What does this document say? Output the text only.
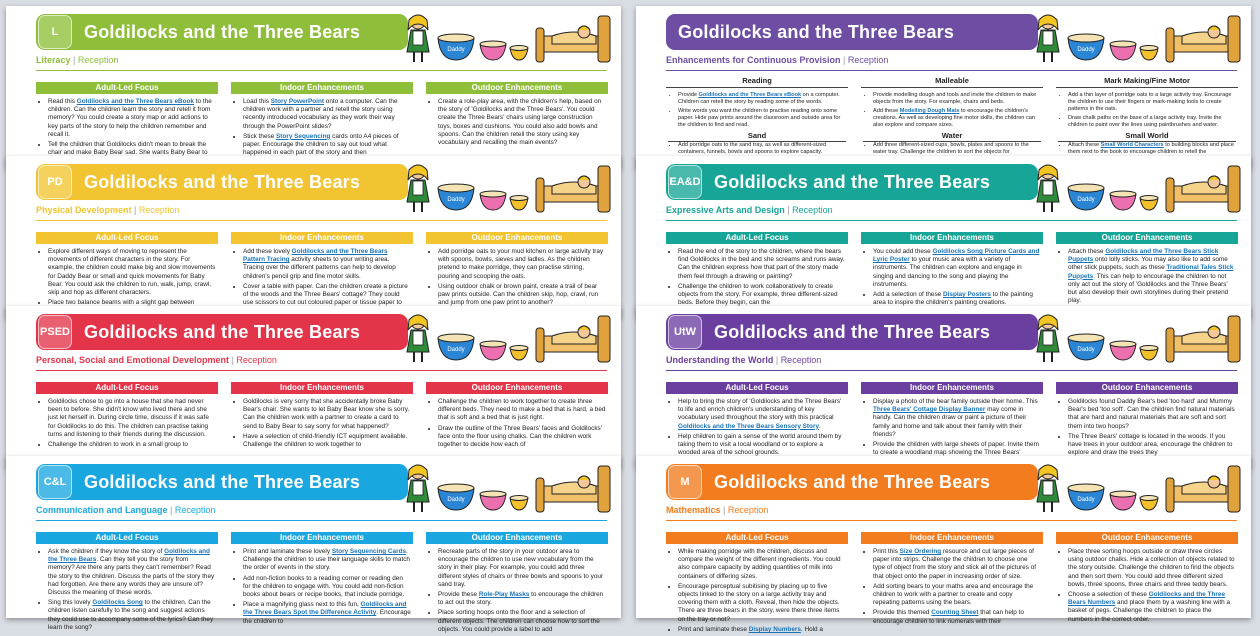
L	Goldilocks and the Three Bears
Literacy | Reception
Daddy
Adult-Led Focus
• Read this Goldilocks and the Three Bears eBook to the children. Can the children learn the story and retell it from memory? You could create a story map or add actions to key parts of the story to help the children remember and recall it.
• Tell the children that Goldilocks didn't mean to break the chair and make Baby Bear sad. She wants Baby Bear to
Indoor Enhancements
• Load this Story PowerPoint onto a computer. Can the children work with a partner and retell the story using recently introduced vocabulary as they work their way through the PowerPoint slides?
• Stick these Story Sequencing cards onto A4 pieces of paper. Encourage the children to say out loud what happened in each part of the story and then
Outdoor Enhancements
• Create a role-play area, with the children's help, based on the story of 'Goldilocks and the Three Bears'. You could create the Three Bears' chairs using large construction toys, boxes and cushions. You could also add bowls and spoons. Can the children retell the story using key vocabulary and recalling the main events?
PD	Goldilocks and the Three Bears
Physical Development | Reception
Daddy
Adult-Led Focus
• Explore different ways of moving to represent the movements of different characters in the story. For example, the children could make big and slow movements for Daddy Bear or small and quick movements for Baby Bear. You could ask the children to run, walk, jump, crawl, skip and hop as different characters.
• Place two balance beams with a slight gap between
Indoor Enhancements
• Add these lovely Goldilocks and the Three Bears Pattern Tracing activity sheets to your writing area. Tracing over the different patterns can help to develop children's pencil grip and fine motor skills.
• Cover a table with paper. Can the children create a picture of the woods and the Three Bears' cottage? They could use scissors to cut out coloured paper or tissue paper to
Outdoor Enhancements
• Add porridge oats to your mud kitchen or large activity tray with spoons, bowls, sieves and ladles. As the children pretend to make porridge, they can practise stirring, pouring and scooping the oats.
• Using outdoor chalk or brown paint, create a trail of bear paw prints outside. Can the children skip, hop, crawl, run and jump from one paw print to another?
•
PSED Goldilocks and the Three Bears
Personal, Social and Emotional Development | Reception
Daddy
Adult-Led Focus
• Goldilocks chose to go into a house that she had never been to before. She didn't know who lived there and she just let herself in. During circle time, discuss if it was safe for Goldilocks to do this. The children can practise taking turns and listening to their friends during the discussion.
• Challenge the children to work in a small group to
Indoor Enhancements
• Goldilocks is very sorry that she accidentally broke Baby Bear's chair. She wants to let Baby Bear know she is sorry. Can the children work with a partner to create a card to send to Baby Bear to say sorry for what happened?
• Have a selection of child-friendly ICT equipment available. Challenge the children to work together to
Outdoor Enhancements
• Challenge the children to work together to create three different beds. They need to make a bed that is hard, a bed that is soft and a bed that is just right.
• Draw the outline of the Three Bears' faces and Goldilocks' face onto the floor using chalks. Can the children work together to decide how each of
C&L Goldilocks and the Three Bears
Communication and Language | Reception
Daddy
Adult-Led Focus
• Ask the children if they know the story of Goldilocks and the Three Bears. Can they tell you the story from memory? Are there any parts they can't remember? Read the story to the children. Discuss the parts of the story they had forgotten. Are there any words they are unsure of? Discuss the meaning of these words.
• Sing this lovely Goldilocks Song to the children. Can the children listen carefully to the song and suggest actions they could use to accompany some of the lyrics? Can they learn the song?
Indoor Enhancements
• Print and laminate these lovely Story Sequencing Cards. Challenge the children to use their language skills to match the order of events in the story.
• Add non-fiction books to a reading corner or reading den for the children to engage with. You could add non-fiction books about bears or recipe books, that include porridge.
• Place a magnifying glass next to this fun, Goldilocks and the Three Bears Spot the Difference Activity. Encourage the children to
Outdoor Enhancements
• Recreate parts of the story in your outdoor area to encourage the children to use new vocabulary from the story in their play. For example, you could add three different styles of chairs or three bowls and spoons to your sand tray.
• Provide these Role-Play Masks to encourage the children to act out the story.
• Place sorting hoops onto the floor and a selection of different objects. The children can choose how to sort the objects. You could provide a label to add
Goldilocks and the Three Bears
Enhancements for Continuous Provision | Reception
Daddy
Reading
• Provide Goldilocks and the Three Bears eBook on a computer. Children can retell the story by reading some of the words.
• Write words you want the children to practise reading onto some paper. Hide paw prints around the classroom and outside area for the children to find and read.
Sand
• Add porridge oats to the sand tray, as well as different-sized containers, funnels, bowls and spoons to explore capacity.
Malleable
• Provide modelling dough and tools and invite the children to make objects from the story. For example, chairs and beds.
• Add these Modelling Dough Mats to encourage the children's creations. As well as developing fine motor skills, the children can also explore and compare sizes.
Water
• Add three different-sized cups, bowls, plates and spoons to the water tray. Challenge the children to sort the objects for
Mark Making/Fine Motor
• Add a thin layer of porridge oats to a large activity tray. Encourage the children to use their fingers or mark-making tools to create patterns in the oats.
• Draw chalk paths on the base of a large activity tray. Invite the children to paint over the lines using paintbrushes and water.
Small World
• Attach these Small World Characters to building blocks and place them next to the book to encourage children to retell the
EA&D Goldilocks and the Three Bears
Expressive Arts and Design | Reception
Daddy
Adult-Led Focus
• Read the end of the story to the children, where the bears find Goldilocks in the bed and she screams and runs away. Can the children express how that part of the story made them feel through a drawing or painting?
• Challenge the children to work collaboratively to create objects from the story. For example, three different-sized beds. Before they begin, can the
Indoor Enhancements
• You could add these Goldilocks Song Picture Cards and Lyric Poster to your music area with a variety of instruments. The children can explore and engage in singing and dancing to the song and playing the instruments.
• Add a selection of these Display Posters to the painting area to inspire the children's painting creations.
Outdoor Enhancements
• Attach these Goldilocks and the Three Bears Stick Puppets onto lolly sticks. You may also like to add some other stick puppets, such as these Traditional Tales Stick Puppets. This can help to encourage the children to not only act out the story of 'Goldilocks and the Three Bears' but also develop their own storylines during their pretend play.
UtW	Goldilocks and the Three Bears
Understanding the World | Reception
Daddy
Adult-Led Focus
• Help to bring the story of 'Goldilocks and the Three Bears' to life and enrich children's understanding of key vocabulary used throughout the story with this practical Goldilocks and the Three Bears Sensory Story.
• Help children to gain a sense of the world around them by taking them to visit a local woodland or to explore a wooded area of the school grounds.
Indoor Enhancements
• Display a photo of the bear family outside their home. This Three Bears' Cottage Display Banner may come in handy. Can the children draw or paint a picture of their family and home and talk about their family with their friends?
• Provide the children with large sheets of paper. Invite them to create a woodland map showing the Three Bears'
Outdoor Enhancements
• Goldilocks found Daddy Bear's bed 'too hard' and Mummy Bear's bed 'too soft'. Can the children find natural materials that are hard and natural materials that are soft and sort them into two hoops?
• The Three Bears' cottage is located in the woods. If you have trees in your outdoor area, encourage the children to explore and draw the trees they
M	Goldilocks and the Three Bears
Mathematics | Reception
Daddy
Adult-Led Focus
• While making porridge with the children, discuss and compare the weight of the different ingredients. You could also compare capacity by adding quantities of milk into containers of differing sizes.
• Encourage perceptual subitising by placing up to five objects linked to the story on a large activity tray and covering them with a cloth. Reveal, then hide the objects. There are three bears in the story, were there three items on the tray or not?
• Print and laminate these Display Numbers. Hold a
Indoor Enhancements
• Print this Size Ordering resource and cut large pieces of paper into strips. Challenge the children to choose one type of object from the story and stick all of the pictures of that object onto the paper in increasing order of size.
• Add sorting bears to your maths area and encourage the children to work with a partner to create and copy repeating patterns using the bears.
• Provide this themed Counting Sheet that can help to encourage children to link numerals with their
Outdoor Enhancements
• Place three sorting hoops outside or draw three circles using outdoor chalks. Hide a collection of objects related to the story outside. Challenge the children to find the objects and then sort them. You could add three different sized bowls, three spoons, three chairs and three teddy bears.
• Choose a selection of these Goldilocks and the Three Bears Numbers and place them by a washing line with a basket of pegs. Challenge the children to place the numbers in the correct order.
